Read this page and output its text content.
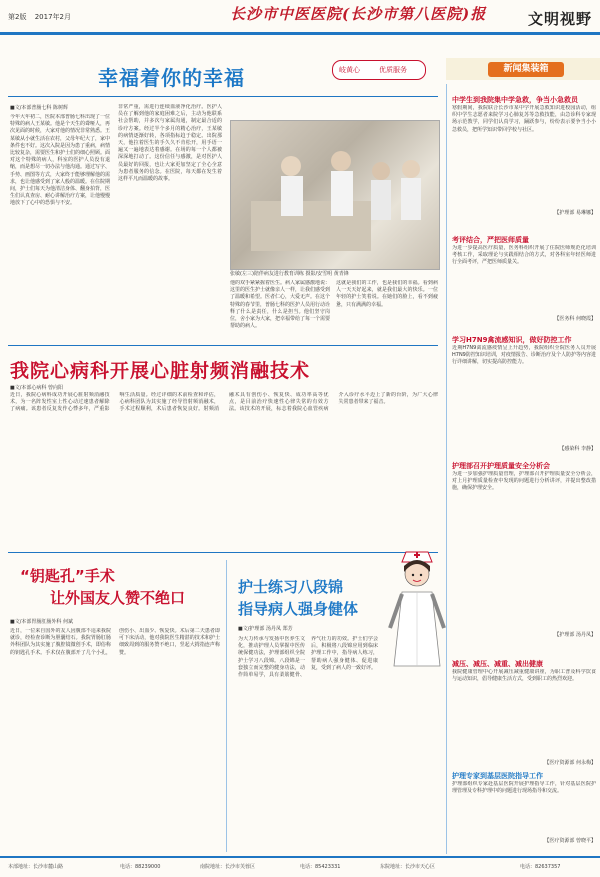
第2版 2017年2月	长沙市中医医院(长沙市第八医院)报	文明视野
幸福着你的幸福	岐黄心	优质服务
■文/本部普肠七科 陈树辉
今年大年初二，医院本部普肠七科出现了一位特殊的病人王某敏。他是个天生的聋哑人，再次见面的时候，大家对他的情况非常熟悉。王某敏从小就生活在农村，父母年纪大了，家中条件也不好。这次入院是因为患了重病，病情比较复杂，需要医生和护士们的细心照顾。面对这个特殊的病人，科室的医护人员没有退缩，而是想尽一切办法与他沟通。通过写字、手势、画图等方式，大家终于能够理解他的需求，也让他感受到了家人般的温暖。在住院期间，护士们每天为他清洁身体、翻身拍背，医生们认真查房、耐心讲解治疗方案，让他慢慢地放下了心中的恐惧与不安。
非常严重，需进行连续血液净化治疗。医护人员在了解到他的家庭困难之后，主动为他联系社会帮助，并多次与家属沟通，制定最合适的诊疗方案。经过半个多月的精心治疗，王某敏的病情逐渐好转，各项指标趋于稳定。出院那天，他拉着医生的手久久不肯松开，用手语一遍又一遍地表达着感谢。在场的每一个人都被深深地打动了。这份信任与感激，是对医护人员最好的回报，也让大家更加坚定了全心全意为患者服务的信念。在医院，每天都在发生着这样平凡而温暖的故事。
张敏(左三)陪伴病友进行教育训练 摄影/安雪明 黄青锋
他的双手紧紧握着医生。病人家属感激地说：这里的医生护士就像亲人一样，让我们感受到了温暖和希望。医者仁心，大爱无声。在这个特殊的春节里，普肠七科的医护人员用行动诠释了什么是责任，什么是担当。他们坚守岗位，舍小家为大家，把幸福带给了每一个需要帮助的病人。
这就是我们的工作，也是我们的幸福。看到病人一天天好起来，就是我们最大的快乐。一位年轻的护士笑着说。在她们的脸上，看不到疲惫，只有满满的幸福。
新闻集装箱
中学生到我院集中学急救，争当小急救员
寒假期间，我院联合长沙市某中学开展急救知识进校园活动，组织中学生志愿者来院学习心肺复苏等急救技能，由急诊科专家现场示范教学，同学们认真学习，踊跃参与，纷纷表示要争当小小急救员，把所学知识带回学校与社区。
【护理部 易琳娜】
考评结合，严把医师质量
为进一步提高医疗质量，医务科组织开展了住院医师规范化培训考核工作，采取理论与实践相结合的方式，对各科室年轻医师进行全面考评，严把医师质量关。
【医务科 何晓霞】
学习H7N9禽流感知识，做好防控工作
近期H7N9禽流感疫情呈上升趋势，我院组织全院医务人员开展H7N9防控知识培训，对疫情报告、诊断治疗及个人防护等内容进行详细讲解，切实提高防控能力。
【感染科 李静】
护理部召开护理质量安全分析会
为进一步加强护理质量管理，护理部召开护理质量安全分析会，对上月护理质量检查中发现的问题进行分析讲评，并提出整改措施，确保护理安全。
【护理部 汤丹凤】
减压、减压、减重、减出健康
我院健康管理中心开展减压减重健康讲座，为职工普及科学饮食与运动知识，倡导健康生活方式，受到职工的热烈欢迎。
【医疗资源部 何永梅】
护理专家到基层医院指导工作
护理部组织专家赴基层医院开展护理指导工作，针对基层医院护理管理及专科护理中的问题进行现场指导和交流。
【医疗资源部 曾晓平】
我院心病科开展心脏射频消融技术
■文/本部心病科 曾向阳
近日，我院心病科成功开展心脏射频消融技术，为一名阵发性室上性心动过速患者解除了病痛。该患者反复发作心悸多年，严重影响生活质量。经过详细的术前检查和评估，心病科团队为其实施了经导管射频消融术，手术过程顺利，术后患者恢复良好。射频消融术具有创伤小、恢复快、成功率高等优点，是目前治疗快速性心律失常的有效方法。该技术的开展，标志着我院心血管疾病介入诊疗水平迈上了新的台阶，为广大心律失常患者带来了福音。
“钥匙孔”手术
让外国友人赞不绝口
■文/本部胃肠肛肠外科 何斌
近日，一位来自国外的友人因腹部不适来我院就诊，经检查诊断为胆囊结石。我院胃肠肛肠外科团队为其实施了腹腔镜微创手术，即俗称的钥匙孔手术。手术仅在腹部开了几个小孔，创伤小、出血少、恢复快。术后第二天患者即可下床活动，他对我院医生精湛的技术和护士细致周到的服务赞不绝口，竖起大拇指连声称赞。
护士练习八段锦
指导病人强身健体
■文/护理部 汤丹凤 郑芳
为大力传承与发扬中医养生文化，推动护理人员掌握中医传统保健功法，护理部组织全院护士学习八段锦。八段锦是一套独立而完整的健身功法，动作简单易学，具有柔筋健骨、养气壮力的功效。护士们学会后，积极将八段锦应用到临床护理工作中，指导病人练习，帮助病人强身健体、促进康复，受到了病人的一致好评。
本部地址：长沙市麓山路	电话：88239000	南院地址：长沙市芙蓉区	电话：85423331	东院地址：长沙市天心区	电话：82637357
